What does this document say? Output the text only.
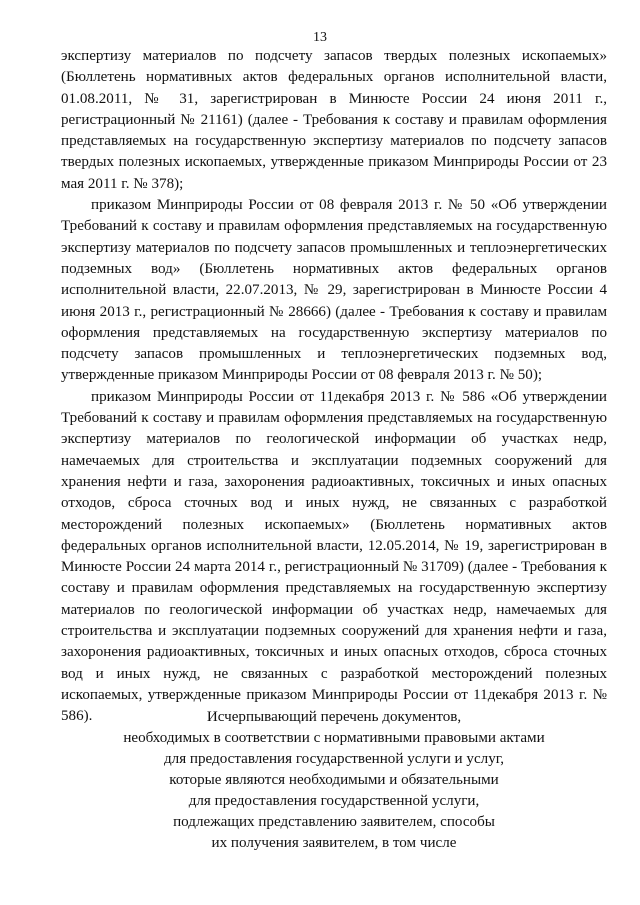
13

экспертизу материалов по подсчету запасов твердых полезных ископаемых» (Бюллетень нормативных актов федеральных органов исполнительной власти, 01.08.2011, № 31, зарегистрирован в Минюсте России 24 июня 2011 г., регистрационный № 21161) (далее - Требования к составу и правилам оформления представляемых на государственную экспертизу материалов по подсчету запасов твердых полезных ископаемых, утвержденные приказом Минприроды России от 23 мая 2011 г. № 378);

приказом Минприроды России от 08 февраля 2013 г. № 50 «Об утверждении Требований к составу и правилам оформления представляемых на государственную экспертизу материалов по подсчету запасов промышленных и теплоэнергетических подземных вод» (Бюллетень нормативных актов федеральных органов исполнительной власти, 22.07.2013, № 29, зарегистрирован в Минюсте России 4 июня 2013 г., регистрационный № 28666) (далее - Требования к составу и правилам оформления представляемых на государственную экспертизу материалов по подсчету запасов промышленных и теплоэнергетических подземных вод, утвержденные приказом Минприроды России от 08 февраля 2013 г. № 50);

приказом Минприроды России от 11декабря 2013 г. № 586 «Об утверждении Требований к составу и правилам оформления представляемых на государственную экспертизу материалов по геологической информации об участках недр, намечаемых для строительства и эксплуатации подземных сооружений для хранения нефти и газа, захоронения радиоактивных, токсичных и иных опасных отходов, сброса сточных вод и иных нужд, не связанных с разработкой месторождений полезных ископаемых» (Бюллетень нормативных актов федеральных органов исполнительной власти, 12.05.2014, № 19, зарегистрирован в Минюсте России 24 марта 2014 г., регистрационный № 31709) (далее - Требования к составу и правилам оформления представляемых на государственную экспертизу материалов по геологической информации об участках недр, намечаемых для строительства и эксплуатации подземных сооружений для хранения нефти и газа, захоронения радиоактивных, токсичных и иных опасных отходов, сброса сточных вод и иных нужд, не связанных с разработкой месторождений полезных ископаемых, утвержденные приказом Минприроды России от 11декабря 2013 г. № 586).	Исчерпывающий перечень документов,
необходимых в соответствии с нормативными правовыми актами
для предоставления государственной услуги и услуг,
которые являются необходимыми и обязательными
для предоставления государственной услуги,
подлежащих представлению заявителем, способы
их получения заявителем, в том числе
